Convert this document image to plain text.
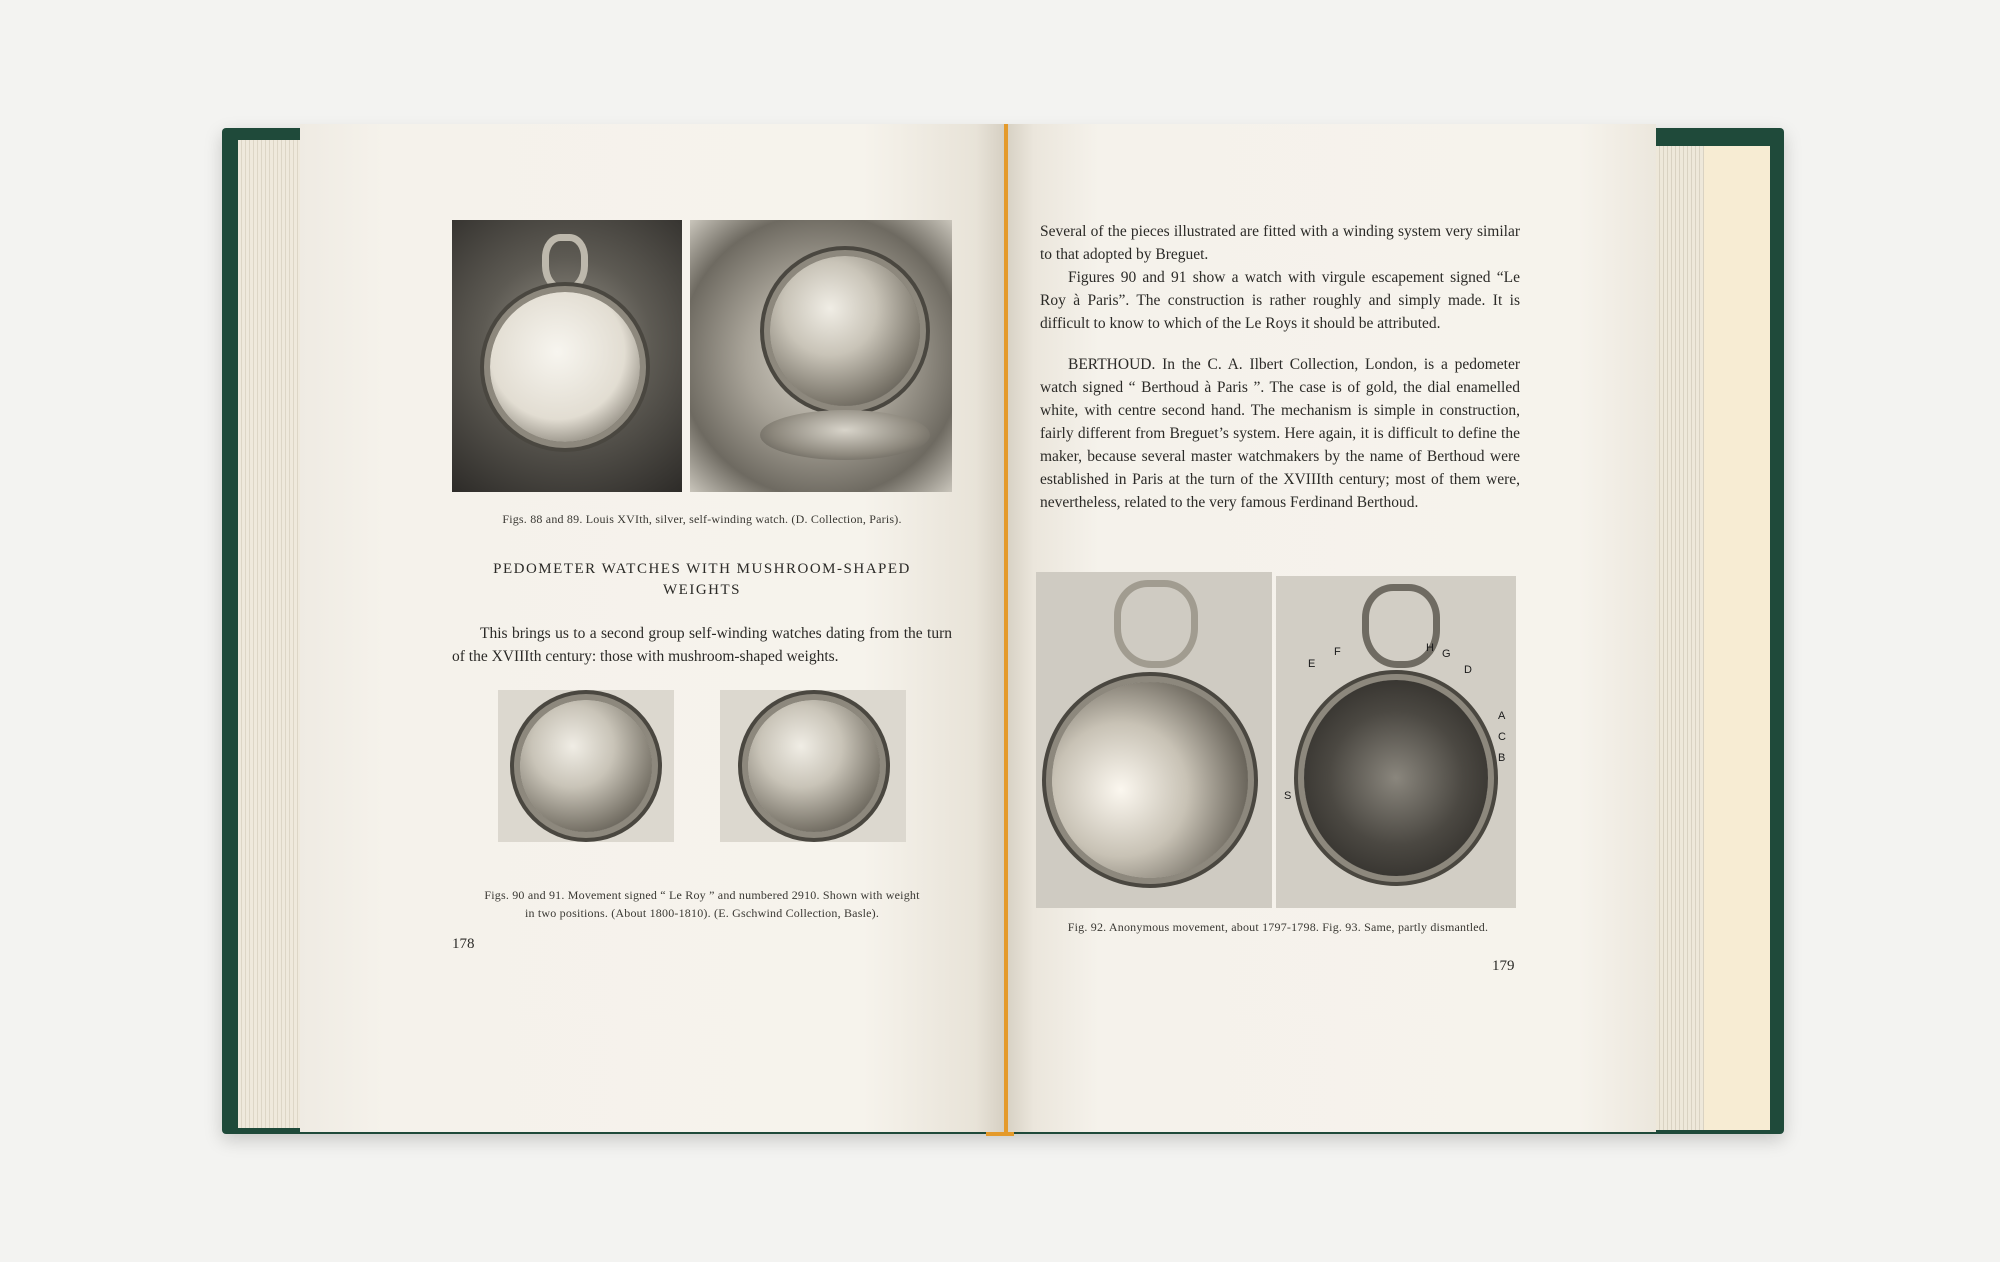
Figs. 88 and 89. Louis XVIth, silver, self-winding watch. (D. Collection, Paris).
PEDOMETER WATCHES WITH MUSHROOM-SHAPED
WEIGHTS
This brings us to a second group self-winding watches dating from the turn of the XVIIIth century: those with mushroom-shaped weights.
Figs. 90 and 91. Movement signed “ Le Roy ” and numbered 2910. Shown with weight
in two positions. (About 1800-1810). (E. Gschwind Collection, Basle).
178

Several of the pieces illustrated are fitted with a winding system very similar to that adopted by Breguet.

Figures 90 and 91 show a watch with virgule escapement signed “Le Roy à Paris”. The construction is rather roughly and simply made. It is difficult to know to which of the Le Roys it should be attributed.

BERTHOUD. In the C. A. Ilbert Collection, London, is a pedometer watch signed “ Berthoud à Paris ”. The case is of gold, the dial enamelled white, with centre second hand. The mechanism is simple in construction, fairly different from Breguet’s system. Here again, it is difficult to define the maker, because several master watchmakers by the name of Berthoud were established in Paris at the turn of the XVIIIth century; most of them were, nevertheless, related to the very famous Ferdinand Berthoud.

F	H
E
G
D
A
C
B
S
Fig. 92. Anonymous movement, about 1797-1798. Fig. 93. Same, partly dismantled.
179
